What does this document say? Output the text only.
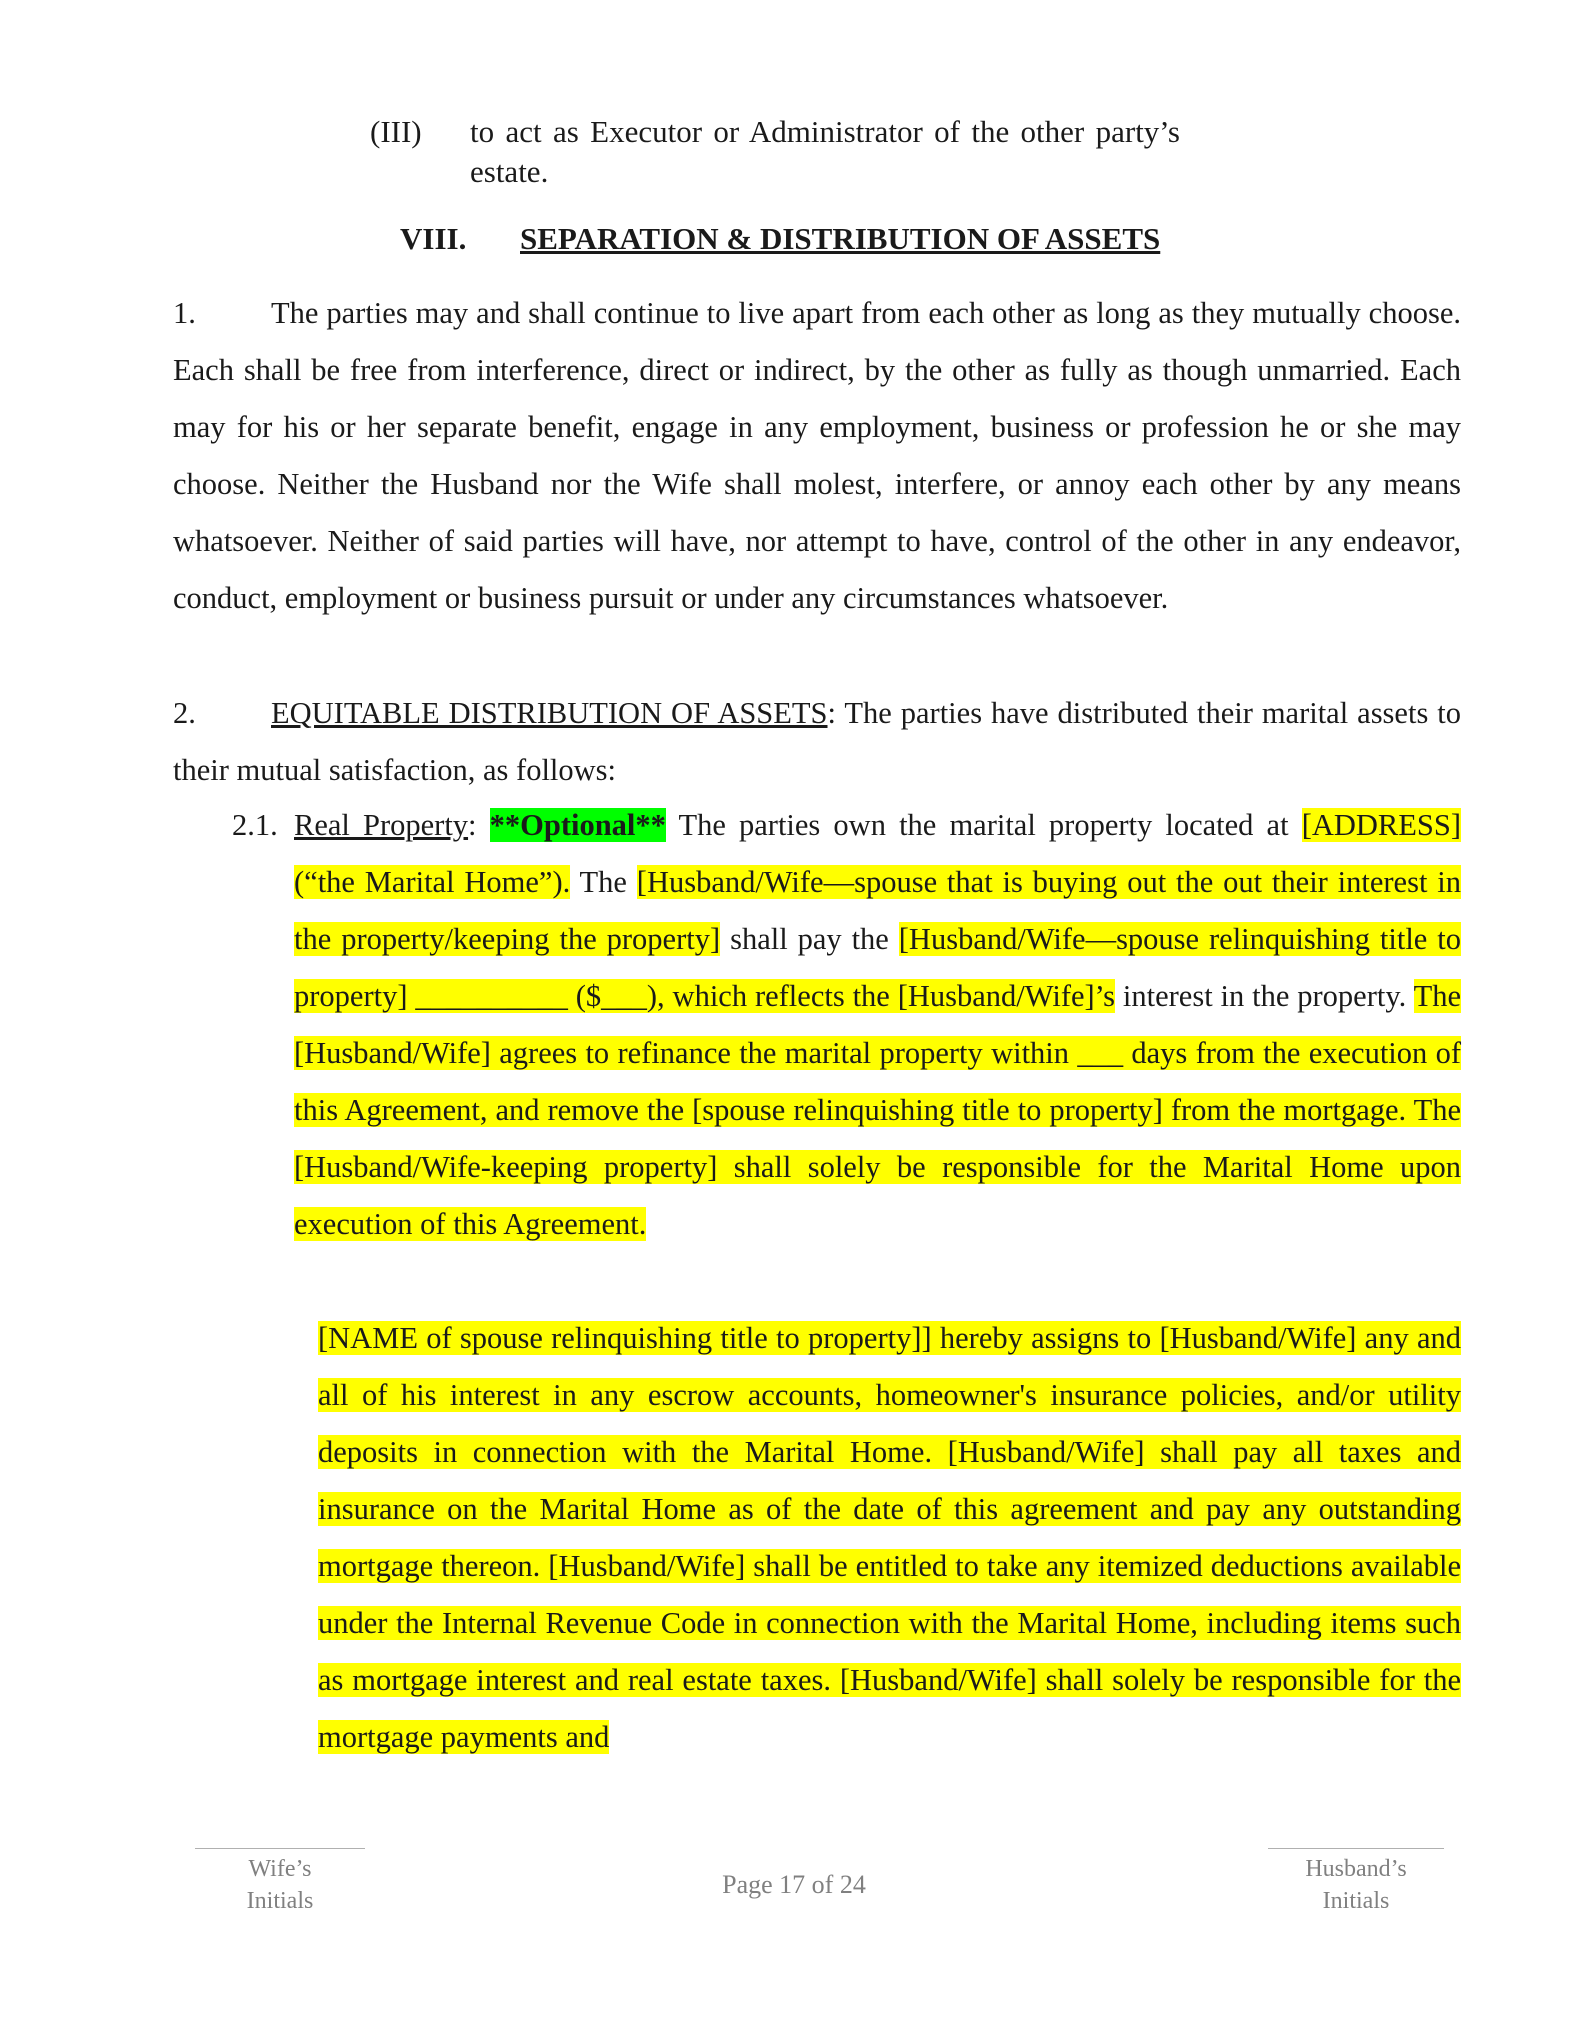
(III) to act as Executor or Administrator of the other party’s estate.
VIII. SEPARATION & DISTRIBUTION OF ASSETS
1. The parties may and shall continue to live apart from each other as long as they mutually choose. Each shall be free from interference, direct or indirect, by the other as fully as though unmarried. Each may for his or her separate benefit, engage in any employment, business or profession he or she may choose. Neither the Husband nor the Wife shall molest, interfere, or annoy each other by any means whatsoever. Neither of said parties will have, nor attempt to have, control of the other in any endeavor, conduct, employment or business pursuit or under any circumstances whatsoever.
2. EQUITABLE DISTRIBUTION OF ASSETS: The parties have distributed their marital assets to their mutual satisfaction, as follows:
2.1. Real Property: **Optional** The parties own the marital property located at [ADDRESS] (“the Marital Home”). The [Husband/Wife—spouse that is buying out the out their interest in the property/keeping the property] shall pay the [Husband/Wife—spouse relinquishing title to property] __________ ($___), which reflects the [Husband/Wife]’s interest in the property. The [Husband/Wife] agrees to refinance the marital property within ___ days from the execution of this Agreement, and remove the [spouse relinquishing title to property] from the mortgage. The [Husband/Wife-keeping property] shall solely be responsible for the Marital Home upon execution of this Agreement.
[NAME of spouse relinquishing title to property]] hereby assigns to [Husband/Wife] any and all of his interest in any escrow accounts, homeowner's insurance policies, and/or utility deposits in connection with the Marital Home. [Husband/Wife] shall pay all taxes and insurance on the Marital Home as of the date of this agreement and pay any outstanding mortgage thereon. [Husband/Wife] shall be entitled to take any itemized deductions available under the Internal Revenue Code in connection with the Marital Home, including items such as mortgage interest and real estate taxes. [Husband/Wife] shall solely be responsible for the mortgage payments and
Wife’s
Initials
Page 17 of 24
Husband’s
Initials
